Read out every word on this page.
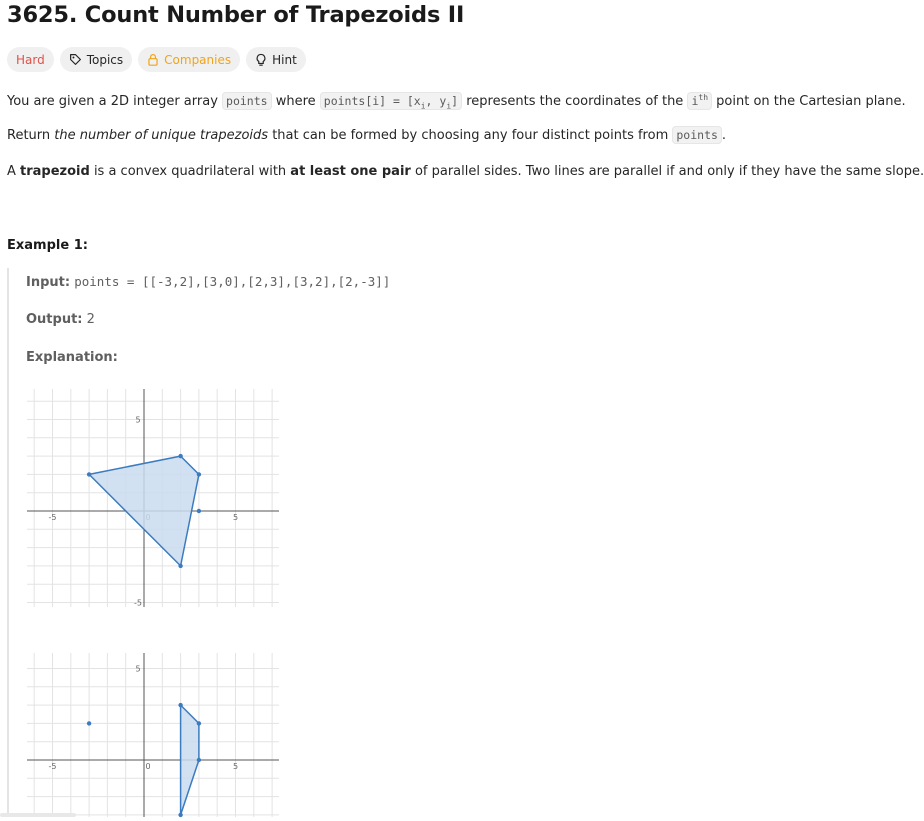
3625. Count Number of Trapezoids II
Hard	Topics	Companies	Hint
You are given a 2D integer array points where points[i] = [$x_i$, $y_i$] represents the coordinates of the $i^{th}$ point on the Cartesian plane.
Return the number of unique trapezoids that can be formed by choosing any four distinct points from points .
A trapezoid is a convex quadrilateral with at least one pair of parallel sides. Two lines are parallel if and only if they have the same slope.
Example 1:
Input: points = [[-3,2],[3,0],[2,3],[3,2],[2,-3]]
Output: 2
Explanation:
-5	5
5
-5
-5	0	5
5
